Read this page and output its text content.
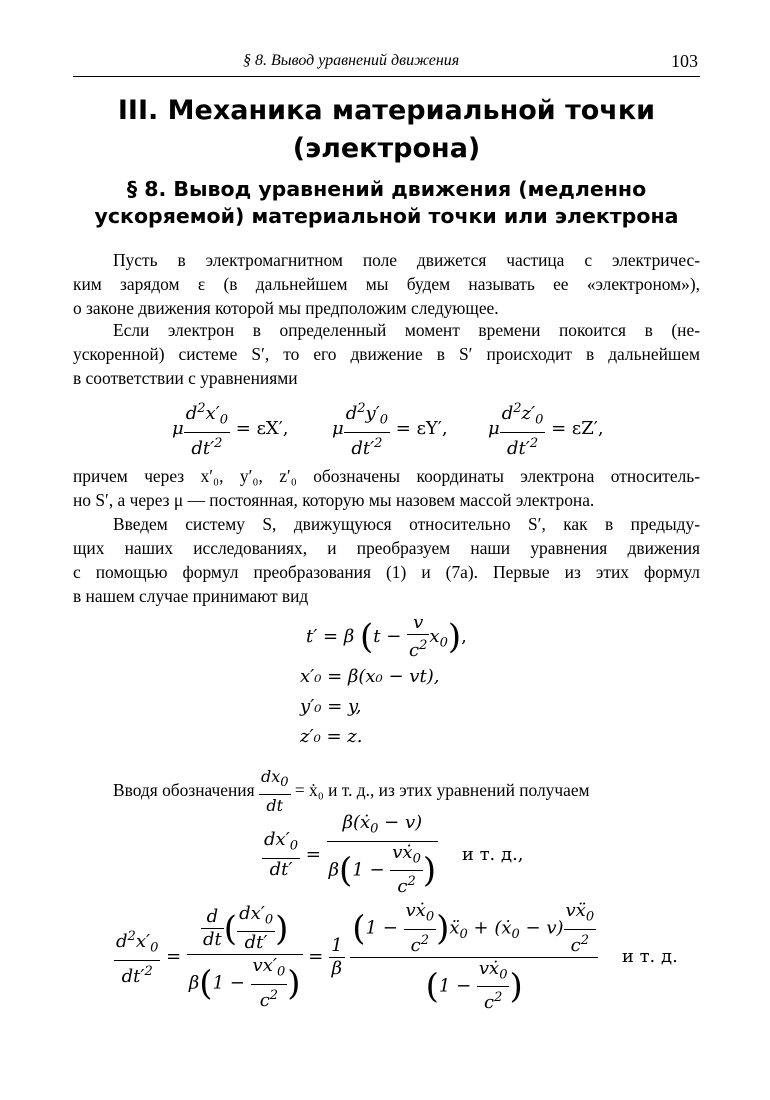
§ 8. Вывод уравнений движения	103
III. Механика материальной точки
(электрона)
§ 8. Вывод уравнений движения (медленно
ускоряемой) материальной точки или электрона
Пусть в электромагнитном поле движется частица с электричес-
ким зарядом ε (в дальнейшем мы будем называть ее «электроном»),
о законе движения которой мы предположим следующее.
Если электрон в определенный момент времени покоится в (не-
ускоренной) системе S′, то его движение в S′ происходит в дальнейшем
в соответствии с уравнениями
μ $\frac{d^2x'_0}{dt'^2} = \varepsilon X'$, μ $\frac{d^2y'_0}{dt'^2} = \varepsilon Y'$, μ $\frac{d^2z'_0}{dt'^2} = \varepsilon Z'$,
причем через x′₀, y′₀, z′₀ обозначены координаты электрона относитель-
но S′, а через μ — постоянная, которую мы назовем массой электрона.
Введем систему S, движущуюся относительно S′, как в предыду-
щих наших исследованиях, и преобразуем наши уравнения движения
с помощью формул преобразования (1) и (7а). Первые из этих формул
в нашем случае принимают вид
t′ = β $(t - \frac{v}{c^2} x_0)$,
x′₀ = β(x₀ − vt),
y′₀ = y,
z′₀ = z.
Вводя обозначения $\frac{dx_0}{dt}$ = ẋ₀ и т. д., из этих уравнений получаем
$\frac{dx'_0}{dt'} = \frac{\beta(ẋ_0 - v)}{\beta(1 - \frac{vẋ_0}{c^2} )}$ и т. д.,
$\frac{d^2x'_0}{dt'^2} = \frac{\frac{d}{dt} ( \frac{dx'_0}{dt'} )}{\beta(1 - \frac{vx'_0}{c^2} )} = \frac{1}{\beta}$
$\frac{(1 - \frac{vẋ_0}{c^2} )ẍ_0 + (ẋ_0 - v) \frac{vẍ_0}{c^2}}{(1 - \frac{vẋ_0}{c^2} )}$ и т. д.
